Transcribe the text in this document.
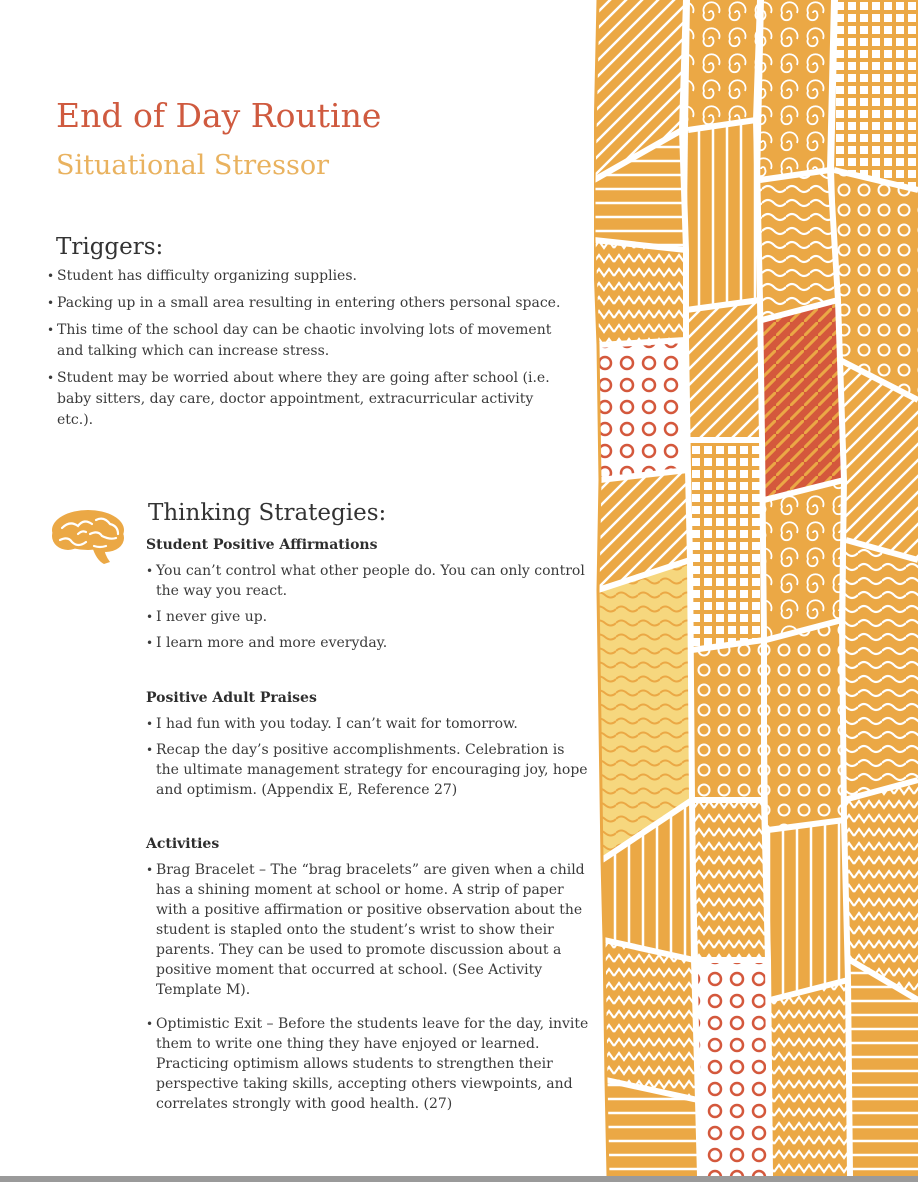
End of Day Routine
Situational Stressor
Triggers:
• Student has difficulty organizing supplies.
• Packing up in a small area resulting in entering others personal space.
• This time of the school day can be chaotic involving lots of movement and talking which can increase stress.
• Student may be worried about where they are going after school (i.e. baby sitters, day care, doctor appointment, extracurricular activity etc.).
Thinking Strategies:
Student Positive Affirmations
• You can’t control what other people do. You can only control the way you react.
• I never give up.
• I learn more and more everyday.
Positive Adult Praises
• I had fun with you today. I can’t wait for tomorrow.
• Recap the day’s positive accomplishments. Celebration is the ultimate management strategy for encouraging joy, hope and optimism. (Appendix E, Reference 27)
Activities
• Brag Bracelet – The “brag bracelets” are given when a child has a shining moment at school or home. A strip of paper with a positive affirmation or positive observation about the student is stapled onto the student’s wrist to show their parents. They can be used to promote discussion about a positive moment that occurred at school. (See Activity Template M).
• Optimistic Exit – Before the students leave for the day, invite them to write one thing they have enjoyed or learned. Practicing optimism allows students to strengthen their perspective taking skills, accepting others viewpoints, and correlates strongly with good health. (27)
